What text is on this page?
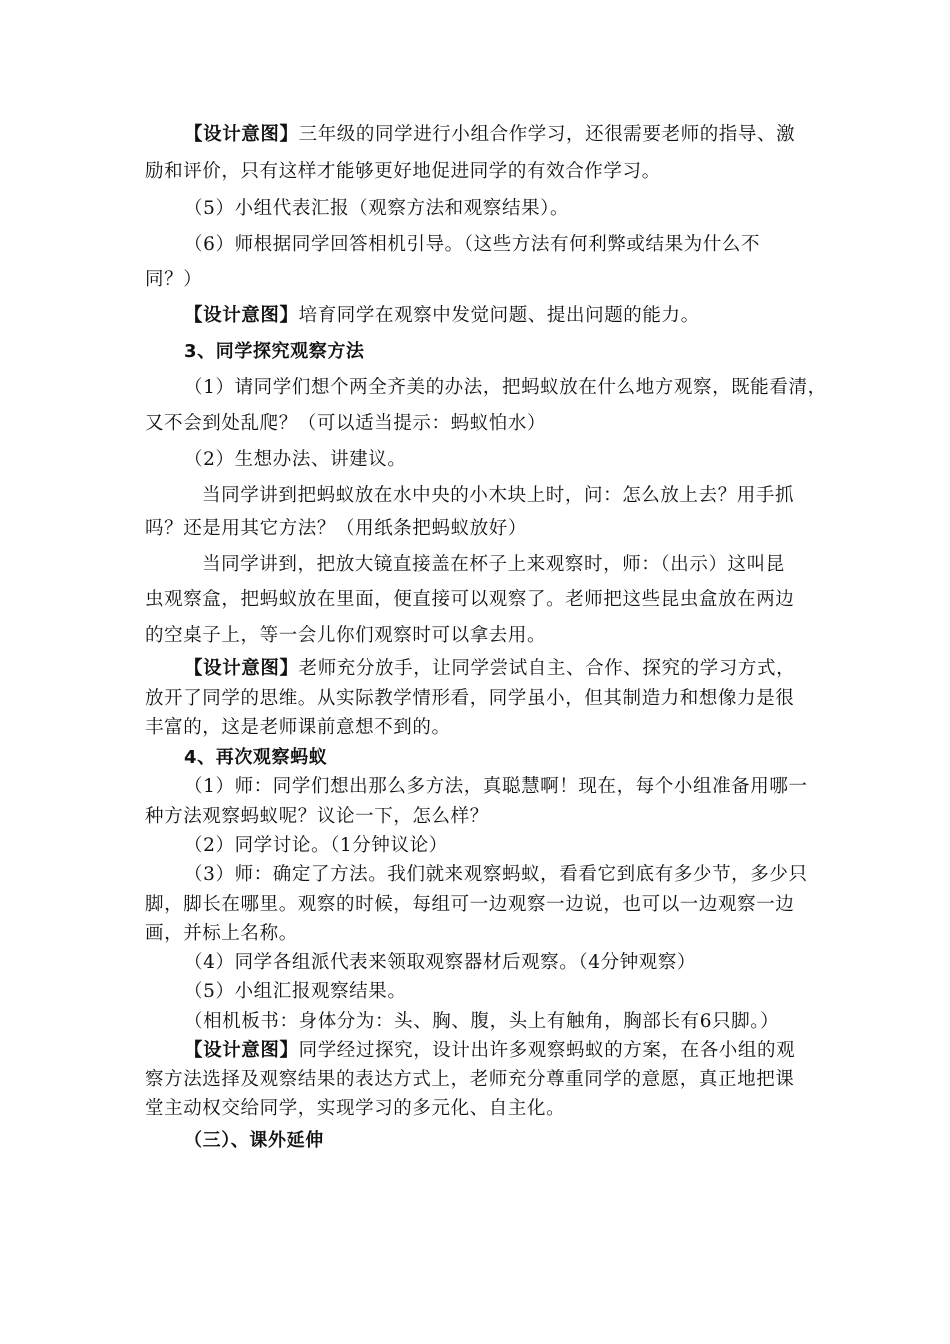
【设计意图】三年级的同学进行小组合作学习，还很需要老师的指导、激
励和评价，只有这样才能够更好地促进同学的有效合作学习。
（5）小组代表汇报（观察方法和观察结果）。
（6）师根据同学回答相机引导。（这些方法有何利弊或结果为什么不
同？）
【设计意图】培育同学在观察中发觉问题、提出问题的能力。
3、同学探究观察方法
（1）请同学们想个两全齐美的办法，把蚂蚁放在什么地方观察，既能看清，
又不会到处乱爬？（可以适当提示：蚂蚁怕水）
（2）生想办法、讲建议。
当同学讲到把蚂蚁放在水中央的小木块上时，问：怎么放上去？用手抓
吗？还是用其它方法？（用纸条把蚂蚁放好）
当同学讲到，把放大镜直接盖在杯子上来观察时，师：（出示）这叫昆
虫观察盒，把蚂蚁放在里面，便直接可以观察了。老师把这些昆虫盒放在两边
的空桌子上，等一会儿你们观察时可以拿去用。
【设计意图】老师充分放手，让同学尝试自主、合作、探究的学习方式，
放开了同学的思维。从实际教学情形看，同学虽小，但其制造力和想像力是很
丰富的，这是老师课前意想不到的。
4、再次观察蚂蚁
（1）师：同学们想出那么多方法，真聪慧啊！现在，每个小组准备用哪一
种方法观察蚂蚁呢？议论一下，怎么样？
（2）同学讨论。（1分钟议论）
（3）师：确定了方法。我们就来观察蚂蚁，看看它到底有多少节，多少只
脚，脚长在哪里。观察的时候，每组可一边观察一边说，也可以一边观察一边
画，并标上名称。
（4）同学各组派代表来领取观察器材后观察。（4分钟观察）
（5）小组汇报观察结果。
（相机板书：身体分为：头、胸、腹，头上有触角，胸部长有6只脚。）
【设计意图】同学经过探究，设计出许多观察蚂蚁的方案，在各小组的观
察方法选择及观察结果的表达方式上，老师充分尊重同学的意愿，真正地把课
堂主动权交给同学，实现学习的多元化、自主化。
（三）、课外延伸
